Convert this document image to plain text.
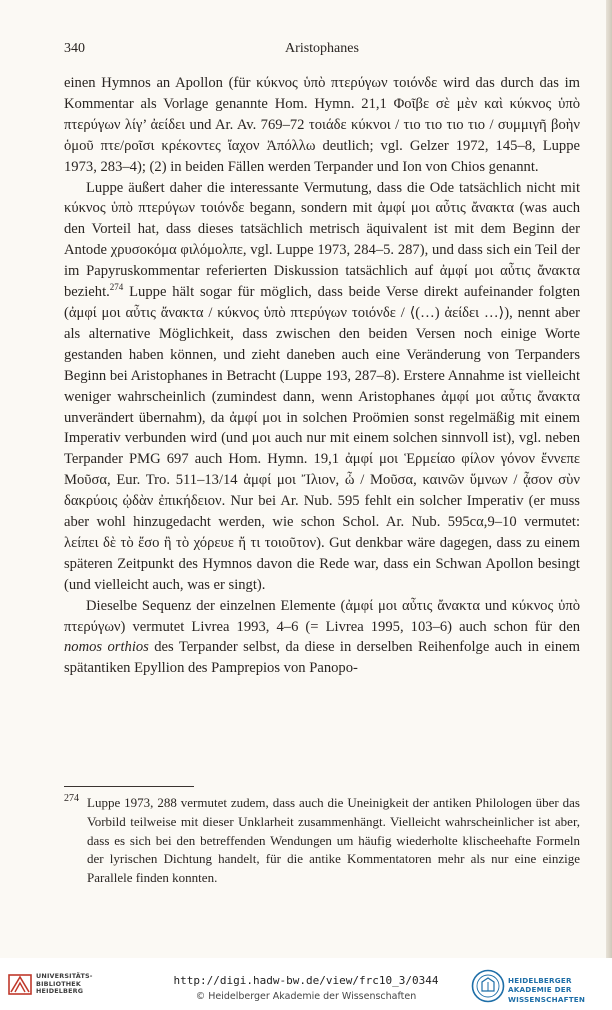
340	Aristophanes

einen Hymnos an Apollon (für κύκνος ὑπὸ πτερύγων τοιόνδε wird das durch das im Kommentar als Vorlage genannte Hom. Hymn. 21,1 Φοῖβε σὲ μὲν καὶ κύκνος ὑπὸ πτερύγων λίγ’ ἀείδει und Ar. Av. 769–72 τοιάδε κύκνοι / τιο τιο τιο τιο / συμμιγῆ βοὴν ὁμοῦ πτε/ροῖσι κρέκοντες ἴαχον Ἀπόλλω deutlich; vgl. Gelzer 1972, 145–8, Luppe 1973, 283–4); (2) in beiden Fällen werden Terpander und Ion von Chios genannt.

Luppe äußert daher die interessante Vermutung, dass die Ode tatsächlich nicht mit κύκνος ὑπὸ πτερύγων τοιόνδε begann, sondern mit ἀμφί μοι αὖτις ἄνακτα (was auch den Vorteil hat, dass dieses tatsächlich metrisch äquivalent ist mit dem Beginn der Antode χρυσοκόμα φιλόμολπε, vgl. Luppe 1973, 284–5. 287), und dass sich ein Teil der im Papyruskommentar referierten Diskussion tatsächlich auf ἀμφί μοι αὖτις ἄνακτα bezieht.$^{274}$ Luppe hält sogar für möglich, dass beide Verse direkt aufeinander folgten (ἀμφί μοι αὖτις ἄνακτα / κύκνος ὑπὸ πτερύγων τοιόνδε / ⟨(…) ἀείδει …⟩), nennt aber als alternative Möglichkeit, dass zwischen den beiden Versen noch einige Worte gestanden haben können, und zieht daneben auch eine Veränderung von Terpanders Beginn bei Aristophanes in Betracht (Luppe 193, 287–8). Erstere Annahme ist vielleicht weniger wahrscheinlich (zumindest dann, wenn Aristophanes ἀμφί μοι αὖτις ἄνακτα unverändert übernahm), da ἀμφί μοι in solchen Proömien sonst regelmäßig mit einem Imperativ verbunden wird (und μοι auch nur mit einem solchen sinnvoll ist), vgl. neben Terpander PMG 697 auch Hom. Hymn. 19,1 ἀμφί μοι Ἑρμείαο φίλον γόνον ἔννεπε Μοῦσα, Eur. Tro. 511–13/14 ἀμφί μοι Ἴλιον, ὦ / Μοῦσα, καινῶν ὕμνων / ᾆσον σὺν δακρύοις ᾠδὰν ἐπικήδειον. Nur bei Ar. Nub. 595 fehlt ein solcher Imperativ (er muss aber wohl hinzugedacht werden, wie schon Schol. Ar. Nub. 595cα,9–10 vermutet: λείπει δὲ τὸ ἔσο ἢ τὸ χόρευε ἤ τι τοιοῦτον). Gut denkbar wäre dagegen, dass zu einem späteren Zeitpunkt des Hymnos davon die Rede war, dass ein Schwan Apollon besingt (und vielleicht auch, was er singt).

Dieselbe Sequenz der einzelnen Elemente (ἀμφί μοι αὖτις ἄνακτα und κύκνος ὑπὸ πτερύγων) vermutet Livrea 1993, 4–6 (= Livrea 1995, 103–6) auch schon für den nomos orthios des Terpander selbst, da diese in derselben Reihenfolge auch in einem spätantiken Epyllion des Pamprepios von Panopo-

274 Luppe 1973, 288 vermutet zudem, dass auch die Uneinigkeit der antiken Philologen über das Vorbild teilweise mit dieser Unklarheit zusammenhängt. Vielleicht wahrscheinlicher ist aber, dass es sich bei den betreffenden Wendungen um häufig wiederholte klischeehafte Formeln der lyrischen Dichtung handelt, für die antike Kommentatoren mehr als nur eine einzige Parallele finden konnten.
UNIVERSITÄTS- BIBLIOTHEK HEIDELBERG
http://digi.hadw-bw.de/view/frc10_3/0344
© Heidelberger Akademie der Wissenschaften
HEIDELBERGER AKADEMIE DER WISSENSCHAFTEN
